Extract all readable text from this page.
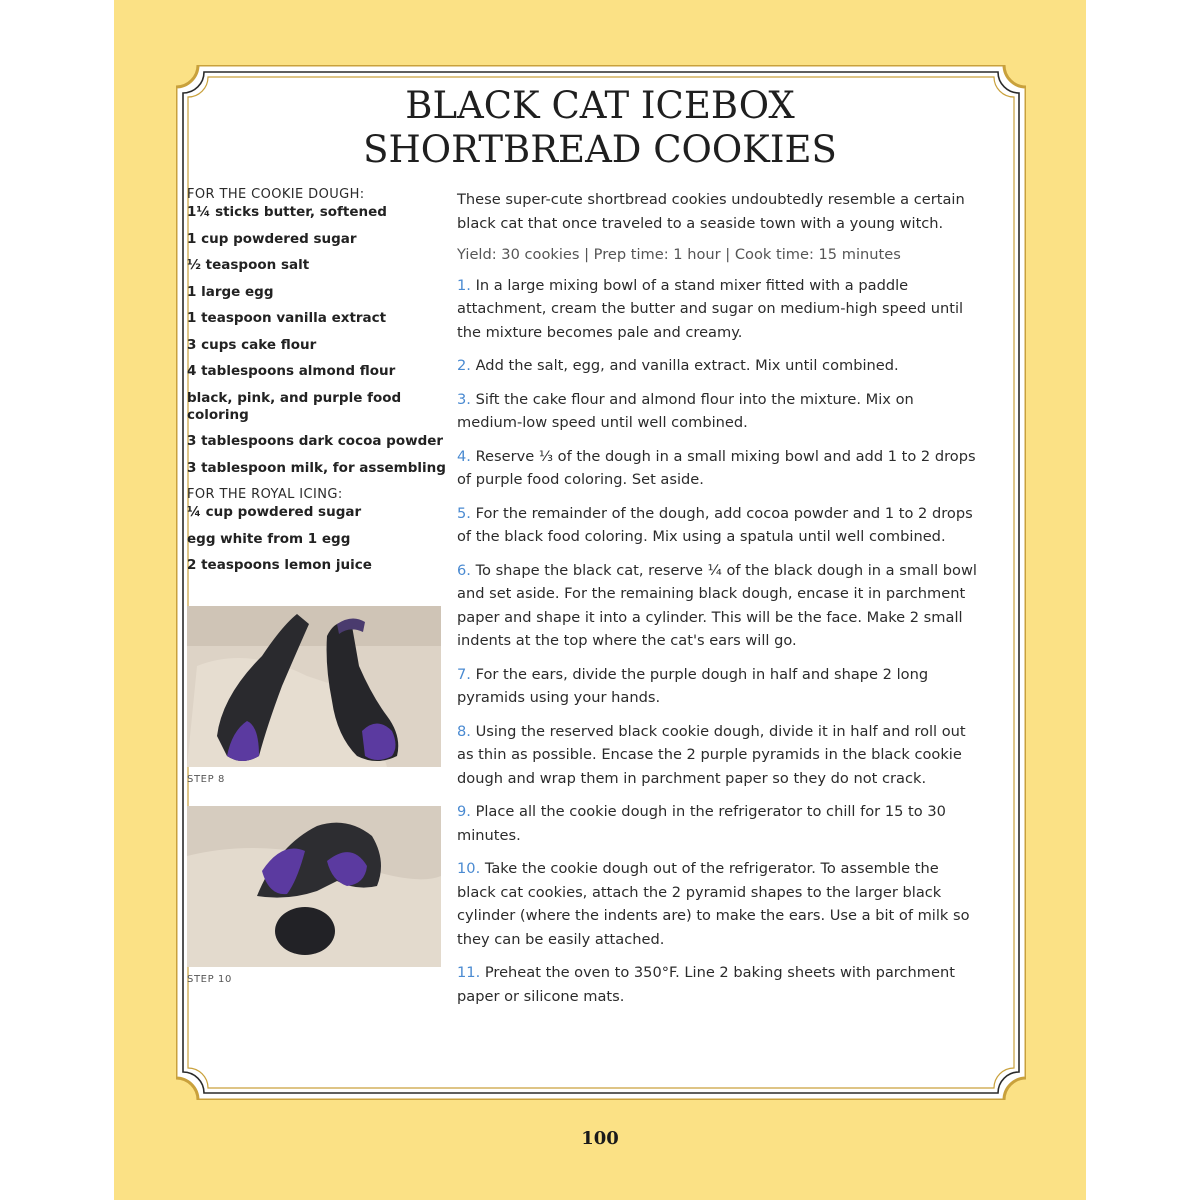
BLACK CAT ICEBOX
SHORTBREAD COOKIES
FOR THE COOKIE DOUGH:
1¼ sticks butter, softened
1 cup powdered sugar
½ teaspoon salt
1 large egg
1 teaspoon vanilla extract
3 cups cake flour
4 tablespoons almond flour
black, pink, and purple food coloring
3 tablespoons dark cocoa powder
3 tablespoon milk, for assembling
FOR THE ROYAL ICING:
¼ cup powdered sugar
egg white from 1 egg
2 teaspoons lemon juice
STEP 8
STEP 10

These super-cute shortbread cookies undoubtedly resemble a certain black cat that once traveled to a seaside town with a young witch.

Yield: 30 cookies | Prep time: 1 hour | Cook time: 15 minutes

1. In a large mixing bowl of a stand mixer fitted with a paddle attachment, cream the butter and sugar on medium-high speed until the mixture becomes pale and creamy.

2. Add the salt, egg, and vanilla extract. Mix until combined.

3. Sift the cake flour and almond flour into the mixture. Mix on medium-low speed until well combined.

4. Reserve ⅓ of the dough in a small mixing bowl and add 1 to 2 drops of purple food coloring. Set aside.

5. For the remainder of the dough, add cocoa powder and 1 to 2 drops of the black food coloring. Mix using a spatula until well combined.

6. To shape the black cat, reserve ¼ of the black dough in a small bowl and set aside. For the remaining black dough, encase it in parchment paper and shape it into a cylinder. This will be the face. Make 2 small indents at the top where the cat's ears will go.

7. For the ears, divide the purple dough in half and shape 2 long pyramids using your hands.

8. Using the reserved black cookie dough, divide it in half and roll out as thin as possible. Encase the 2 purple pyramids in the black cookie dough and wrap them in parchment paper so they do not crack.

9. Place all the cookie dough in the refrigerator to chill for 15 to 30 minutes.

10. Take the cookie dough out of the refrigerator. To assemble the black cat cookies, attach the 2 pyramid shapes to the larger black cylinder (where the indents are) to make the ears. Use a bit of milk so they can be easily attached.

11. Preheat the oven to 350°F. Line 2 baking sheets with parchment paper or silicone mats.

100
